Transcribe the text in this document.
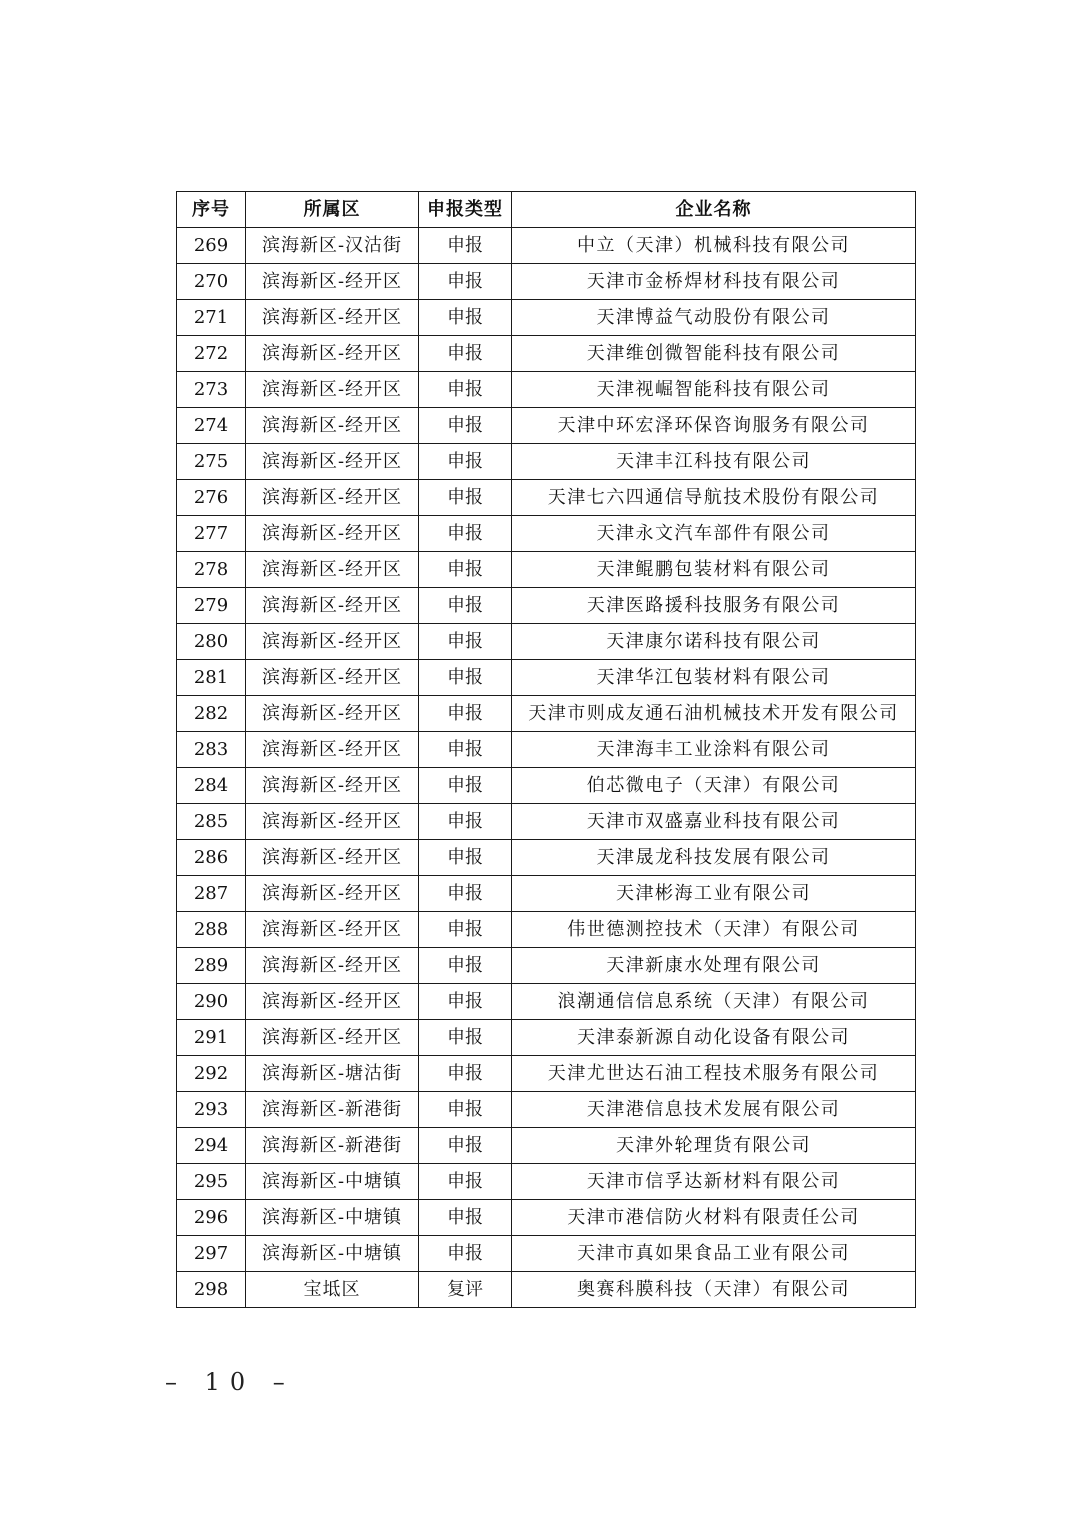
序号	所属区	申报类型	企业名称
269	滨海新区-汉沽街	申报	中立（天津）机械科技有限公司
270	滨海新区-经开区	申报	天津市金桥焊材科技有限公司
271	滨海新区-经开区	申报	天津博益气动股份有限公司
272	滨海新区-经开区	申报	天津维创微智能科技有限公司
273	滨海新区-经开区	申报	天津视崛智能科技有限公司
274	滨海新区-经开区	申报	天津中环宏泽环保咨询服务有限公司
275	滨海新区-经开区	申报	天津丰江科技有限公司
276	滨海新区-经开区	申报	天津七六四通信导航技术股份有限公司
277	滨海新区-经开区	申报	天津永文汽车部件有限公司
278	滨海新区-经开区	申报	天津鲲鹏包装材料有限公司
279	滨海新区-经开区	申报	天津医路援科技服务有限公司
280	滨海新区-经开区	申报	天津康尔诺科技有限公司
281	滨海新区-经开区	申报	天津华江包装材料有限公司
282	滨海新区-经开区	申报	天津市则成友通石油机械技术开发有限公司
283	滨海新区-经开区	申报	天津海丰工业涂料有限公司
284	滨海新区-经开区	申报	伯芯微电子（天津）有限公司
285	滨海新区-经开区	申报	天津市双盛嘉业科技有限公司
286	滨海新区-经开区	申报	天津晟龙科技发展有限公司
287	滨海新区-经开区	申报	天津彬海工业有限公司
288	滨海新区-经开区	申报	伟世德测控技术（天津）有限公司
289	滨海新区-经开区	申报	天津新康水处理有限公司
290	滨海新区-经开区	申报	浪潮通信信息系统（天津）有限公司
291	滨海新区-经开区	申报	天津泰新源自动化设备有限公司
292	滨海新区-塘沽街	申报	天津尤世达石油工程技术服务有限公司
293	滨海新区-新港街	申报	天津港信息技术发展有限公司
294	滨海新区-新港街	申报	天津外轮理货有限公司
295	滨海新区-中塘镇	申报	天津市信孚达新材料有限公司
296	滨海新区-中塘镇	申报	天津市港信防火材料有限责任公司
297	滨海新区-中塘镇	申报	天津市真如果食品工业有限公司
298	宝坻区	复评	奥赛科膜科技（天津）有限公司
– 10 –
